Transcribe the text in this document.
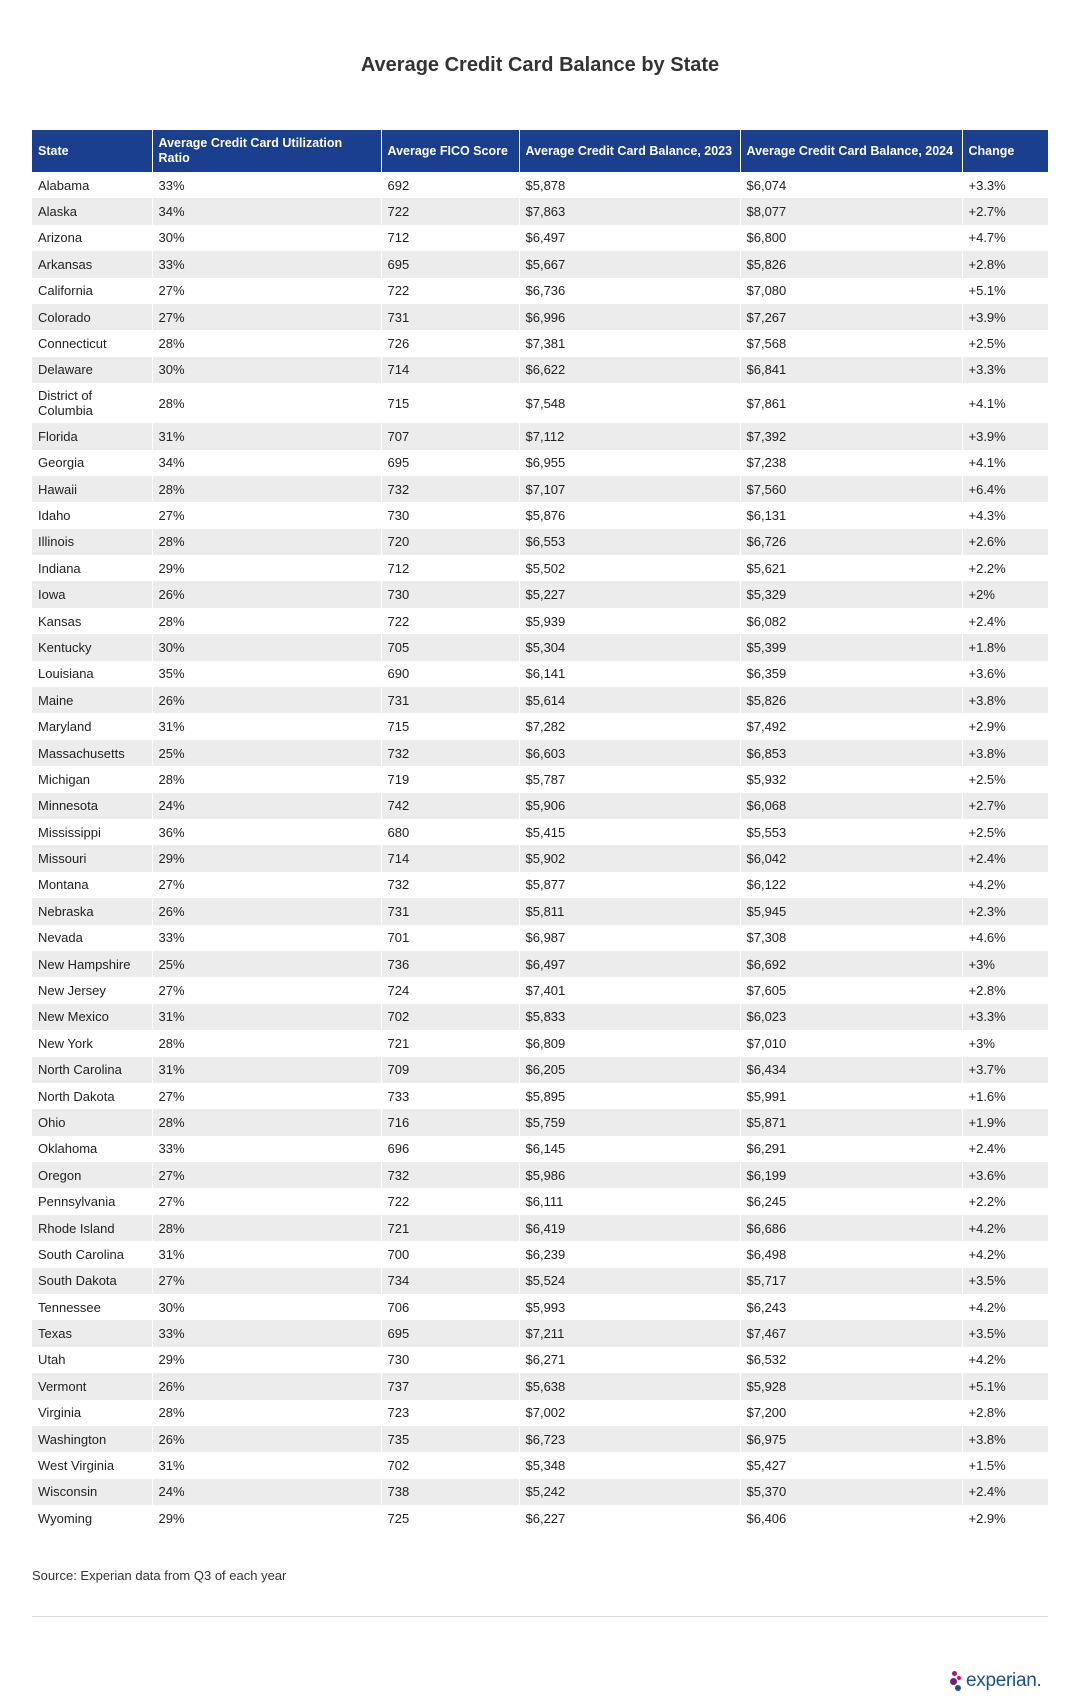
Average Credit Card Balance by State
State	Average Credit Card Utilization Ratio	Average FICO Score	Average Credit Card Balance, 2023	Average Credit Card Balance, 2024	Change
Alabama	33%	692	$5,878	$6,074	+3.3%
Alaska	34%	722	$7,863	$8,077	+2.7%
Arizona	30%	712	$6,497	$6,800	+4.7%
Arkansas	33%	695	$5,667	$5,826	+2.8%
California	27%	722	$6,736	$7,080	+5.1%
Colorado	27%	731	$6,996	$7,267	+3.9%
Connecticut	28%	726	$7,381	$7,568	+2.5%
Delaware	30%	714	$6,622	$6,841	+3.3%
District of Columbia	28%	715	$7,548	$7,861	+4.1%
Florida	31%	707	$7,112	$7,392	+3.9%
Georgia	34%	695	$6,955	$7,238	+4.1%
Hawaii	28%	732	$7,107	$7,560	+6.4%
Idaho	27%	730	$5,876	$6,131	+4.3%
Illinois	28%	720	$6,553	$6,726	+2.6%
Indiana	29%	712	$5,502	$5,621	+2.2%
Iowa	26%	730	$5,227	$5,329	+2%
Kansas	28%	722	$5,939	$6,082	+2.4%
Kentucky	30%	705	$5,304	$5,399	+1.8%
Louisiana	35%	690	$6,141	$6,359	+3.6%
Maine	26%	731	$5,614	$5,826	+3.8%
Maryland	31%	715	$7,282	$7,492	+2.9%
Massachusetts	25%	732	$6,603	$6,853	+3.8%
Michigan	28%	719	$5,787	$5,932	+2.5%
Minnesota	24%	742	$5,906	$6,068	+2.7%
Mississippi	36%	680	$5,415	$5,553	+2.5%
Missouri	29%	714	$5,902	$6,042	+2.4%
Montana	27%	732	$5,877	$6,122	+4.2%
Nebraska	26%	731	$5,811	$5,945	+2.3%
Nevada	33%	701	$6,987	$7,308	+4.6%
New Hampshire	25%	736	$6,497	$6,692	+3%
New Jersey	27%	724	$7,401	$7,605	+2.8%
New Mexico	31%	702	$5,833	$6,023	+3.3%
New York	28%	721	$6,809	$7,010	+3%
North Carolina	31%	709	$6,205	$6,434	+3.7%
North Dakota	27%	733	$5,895	$5,991	+1.6%
Ohio	28%	716	$5,759	$5,871	+1.9%
Oklahoma	33%	696	$6,145	$6,291	+2.4%
Oregon	27%	732	$5,986	$6,199	+3.6%
Pennsylvania	27%	722	$6,111	$6,245	+2.2%
Rhode Island	28%	721	$6,419	$6,686	+4.2%
South Carolina	31%	700	$6,239	$6,498	+4.2%
South Dakota	27%	734	$5,524	$5,717	+3.5%
Tennessee	30%	706	$5,993	$6,243	+4.2%
Texas	33%	695	$7,211	$7,467	+3.5%
Utah	29%	730	$6,271	$6,532	+4.2%
Vermont	26%	737	$5,638	$5,928	+5.1%
Virginia	28%	723	$7,002	$7,200	+2.8%
Washington	26%	735	$6,723	$6,975	+3.8%
West Virginia	31%	702	$5,348	$5,427	+1.5%
Wisconsin	24%	738	$5,242	$5,370	+2.4%
Wyoming	29%	725	$6,227	$6,406	+2.9%
Source: Experian data from Q3 of each year
experian.
